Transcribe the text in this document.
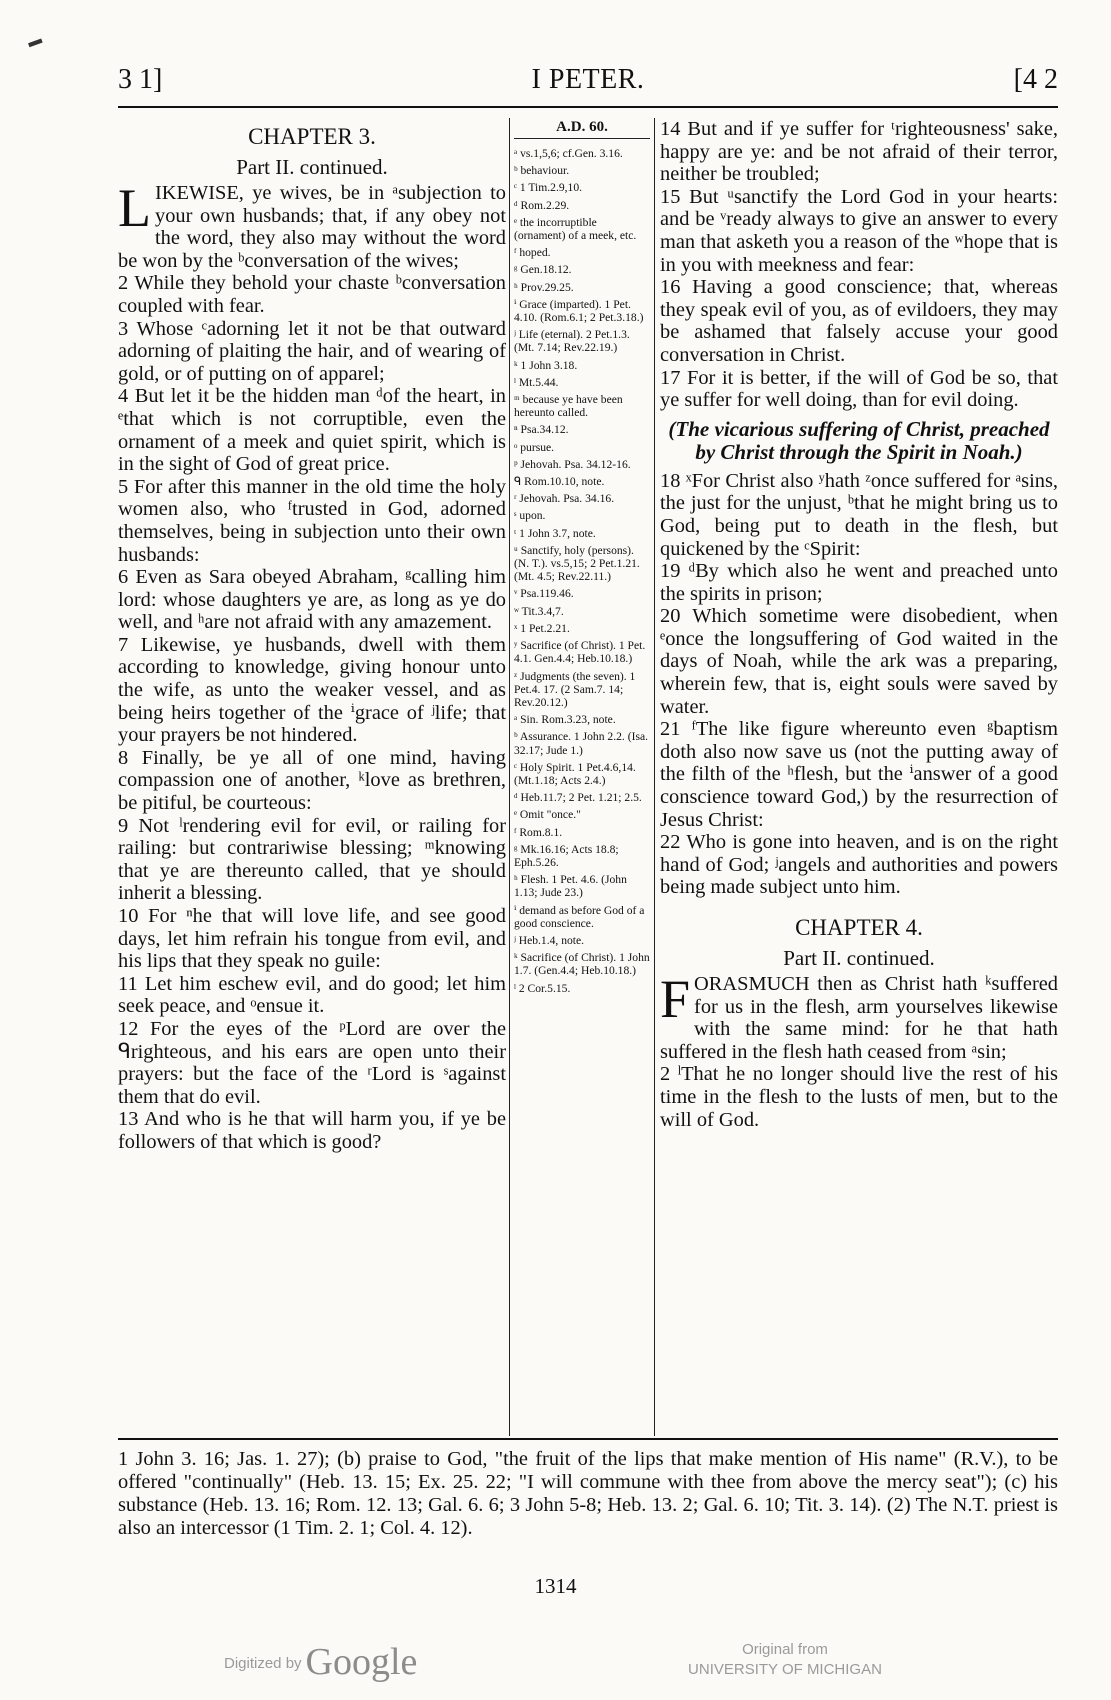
▬
I PETER.
3 1]	[4 2
CHAPTER 3.
Part II. continued.

LIKEWISE, ye wives, be in ᵃsubjection to your own husbands; that, if any obey not the word, they also may without the word be won by the ᵇconversation of the wives;

2 While they behold your chaste ᵇconversation coupled with fear.

3 Whose ᶜadorning let it not be that outward adorning of plaiting the hair, and of wearing of gold, or of putting on of apparel;

4 But let it be the hidden man ᵈof the heart, in ᵉthat which is not corruptible, even the ornament of a meek and quiet spirit, which is in the sight of God of great price.

5 For after this manner in the old time the holy women also, who ᶠtrusted in God, adorned themselves, being in subjection unto their own husbands:

6 Even as Sara obeyed Abraham, ᵍcalling him lord: whose daughters ye are, as long as ye do well, and ʰare not afraid with any amazement.

7 Likewise, ye husbands, dwell with them according to knowledge, giving honour unto the wife, as unto the weaker vessel, and as being heirs together of the ⁱgrace of ʲlife; that your prayers be not hindered.

8 Finally, be ye all of one mind, having compassion one of another, ᵏlove as brethren, be pitiful, be courteous:

9 Not ˡrendering evil for evil, or railing for railing: but contrariwise blessing; ᵐknowing that ye are thereunto called, that ye should inherit a blessing.

10 For ⁿhe that will love life, and see good days, let him refrain his tongue from evil, and his lips that they speak no guile:

11 Let him eschew evil, and do good; let him seek peace, and ᵒensue it.

12 For the eyes of the ᵖLord are over the ᑫrighteous, and his ears are open unto their prayers: but the face of the ʳLord is ˢagainst them that do evil.

13 And who is he that will harm you, if ye be followers of that which is good?

A.D. 60.
ᵃ vs.1,5,6; cf.Gen. 3.16.
ᵇ behaviour.
ᶜ 1 Tim.2.9,10.
ᵈ Rom.2.29.
ᵉ the incorruptible (ornament) of a meek, etc.
ᶠ hoped.
ᵍ Gen.18.12.
ʰ Prov.29.25.
ⁱ Grace (imparted). 1 Pet. 4.10. (Rom.6.1; 2 Pet.3.18.)
ʲ Life (eternal). 2 Pet.1.3. (Mt. 7.14; Rev.22.19.)
ᵏ 1 John 3.18.
ˡ Mt.5.44.
ᵐ because ye have been hereunto called.
ⁿ Psa.34.12.
ᵒ pursue.
ᵖ Jehovah. Psa. 34.12-16.
ᑫ Rom.10.10, note.
ʳ Jehovah. Psa. 34.16.
ˢ upon.
ᵗ 1 John 3.7, note.
ᵘ Sanctify, holy (persons). (N. T.). vs.5,15; 2 Pet.1.21. (Mt. 4.5; Rev.22.11.)
ᵛ Psa.119.46.
ʷ Tit.3.4,7.
ˣ 1 Pet.2.21.
ʸ Sacrifice (of Christ). 1 Pet. 4.1. Gen.4.4; Heb.10.18.)
ᶻ Judgments (the seven). 1 Pet.4. 17. (2 Sam.7. 14; Rev.20.12.)
ᵃ Sin. Rom.3.23, note.
ᵇ Assurance. 1 John 2.2. (Isa. 32.17; Jude 1.)
ᶜ Holy Spirit. 1 Pet.4.6,14. (Mt.1.18; Acts 2.4.)
ᵈ Heb.11.7; 2 Pet. 1.21; 2.5.
ᵉ Omit "once."
ᶠ Rom.8.1.
ᵍ Mk.16.16; Acts 18.8; Eph.5.26.
ʰ Flesh. 1 Pet. 4.6. (John 1.13; Jude 23.)
ⁱ demand as before God of a good conscience.
ʲ Heb.1.4, note.
ᵏ Sacrifice (of Christ). 1 John 1.7. (Gen.4.4; Heb.10.18.)
ˡ 2 Cor.5.15.

14 But and if ye suffer for ᵗrighteousness' sake, happy are ye: and be not afraid of their terror, neither be troubled;

15 But ᵘsanctify the Lord God in your hearts: and be ᵛready always to give an answer to every man that asketh you a reason of the ʷhope that is in you with meekness and fear:

16 Having a good conscience; that, whereas they speak evil of you, as of evildoers, they may be ashamed that falsely accuse your good conversation in Christ.

17 For it is better, if the will of God be so, that ye suffer for well doing, than for evil doing.

(The vicarious suffering of Christ, preached by Christ through the Spirit in Noah.)

18 ˣFor Christ also ʸhath ᶻonce suffered for ᵃsins, the just for the unjust, ᵇthat he might bring us to God, being put to death in the flesh, but quickened by the ᶜSpirit:

19 ᵈBy which also he went and preached unto the spirits in prison;

20 Which sometime were disobedient, when ᵉonce the longsuffering of God waited in the days of Noah, while the ark was a preparing, wherein few, that is, eight souls were saved by water.

21 ᶠThe like figure whereunto even ᵍbaptism doth also now save us (not the putting away of the filth of the ʰflesh, but the ⁱanswer of a good conscience toward God,) by the resurrection of Jesus Christ:

22 Who is gone into heaven, and is on the right hand of God; ʲangels and authorities and powers being made subject unto him.

CHAPTER 4.
Part II. continued.

FORASMUCH then as Christ hath ᵏsuffered for us in the flesh, arm yourselves likewise with the same mind: for he that hath suffered in the flesh hath ceased from ᵃsin;

2 ˡThat he no longer should live the rest of his time in the flesh to the lusts of men, but to the will of God.

1 John 3. 16; Jas. 1. 27); (b) praise to God, "the fruit of the lips that make mention of His name" (R.V.), to be offered "continually" (Heb. 13. 15; Ex. 25. 22; "I will commune with thee from above the mercy seat"); (c) his substance (Heb. 13. 16; Rom. 12. 13; Gal. 6. 6; 3 John 5-8; Heb. 13. 2; Gal. 6. 10; Tit. 3. 14). (2) The N.T. priest is also an intercessor (1 Tim. 2. 1; Col. 4. 12).
1314
Digitized by Google	Original from
UNIVERSITY OF MICHIGAN
